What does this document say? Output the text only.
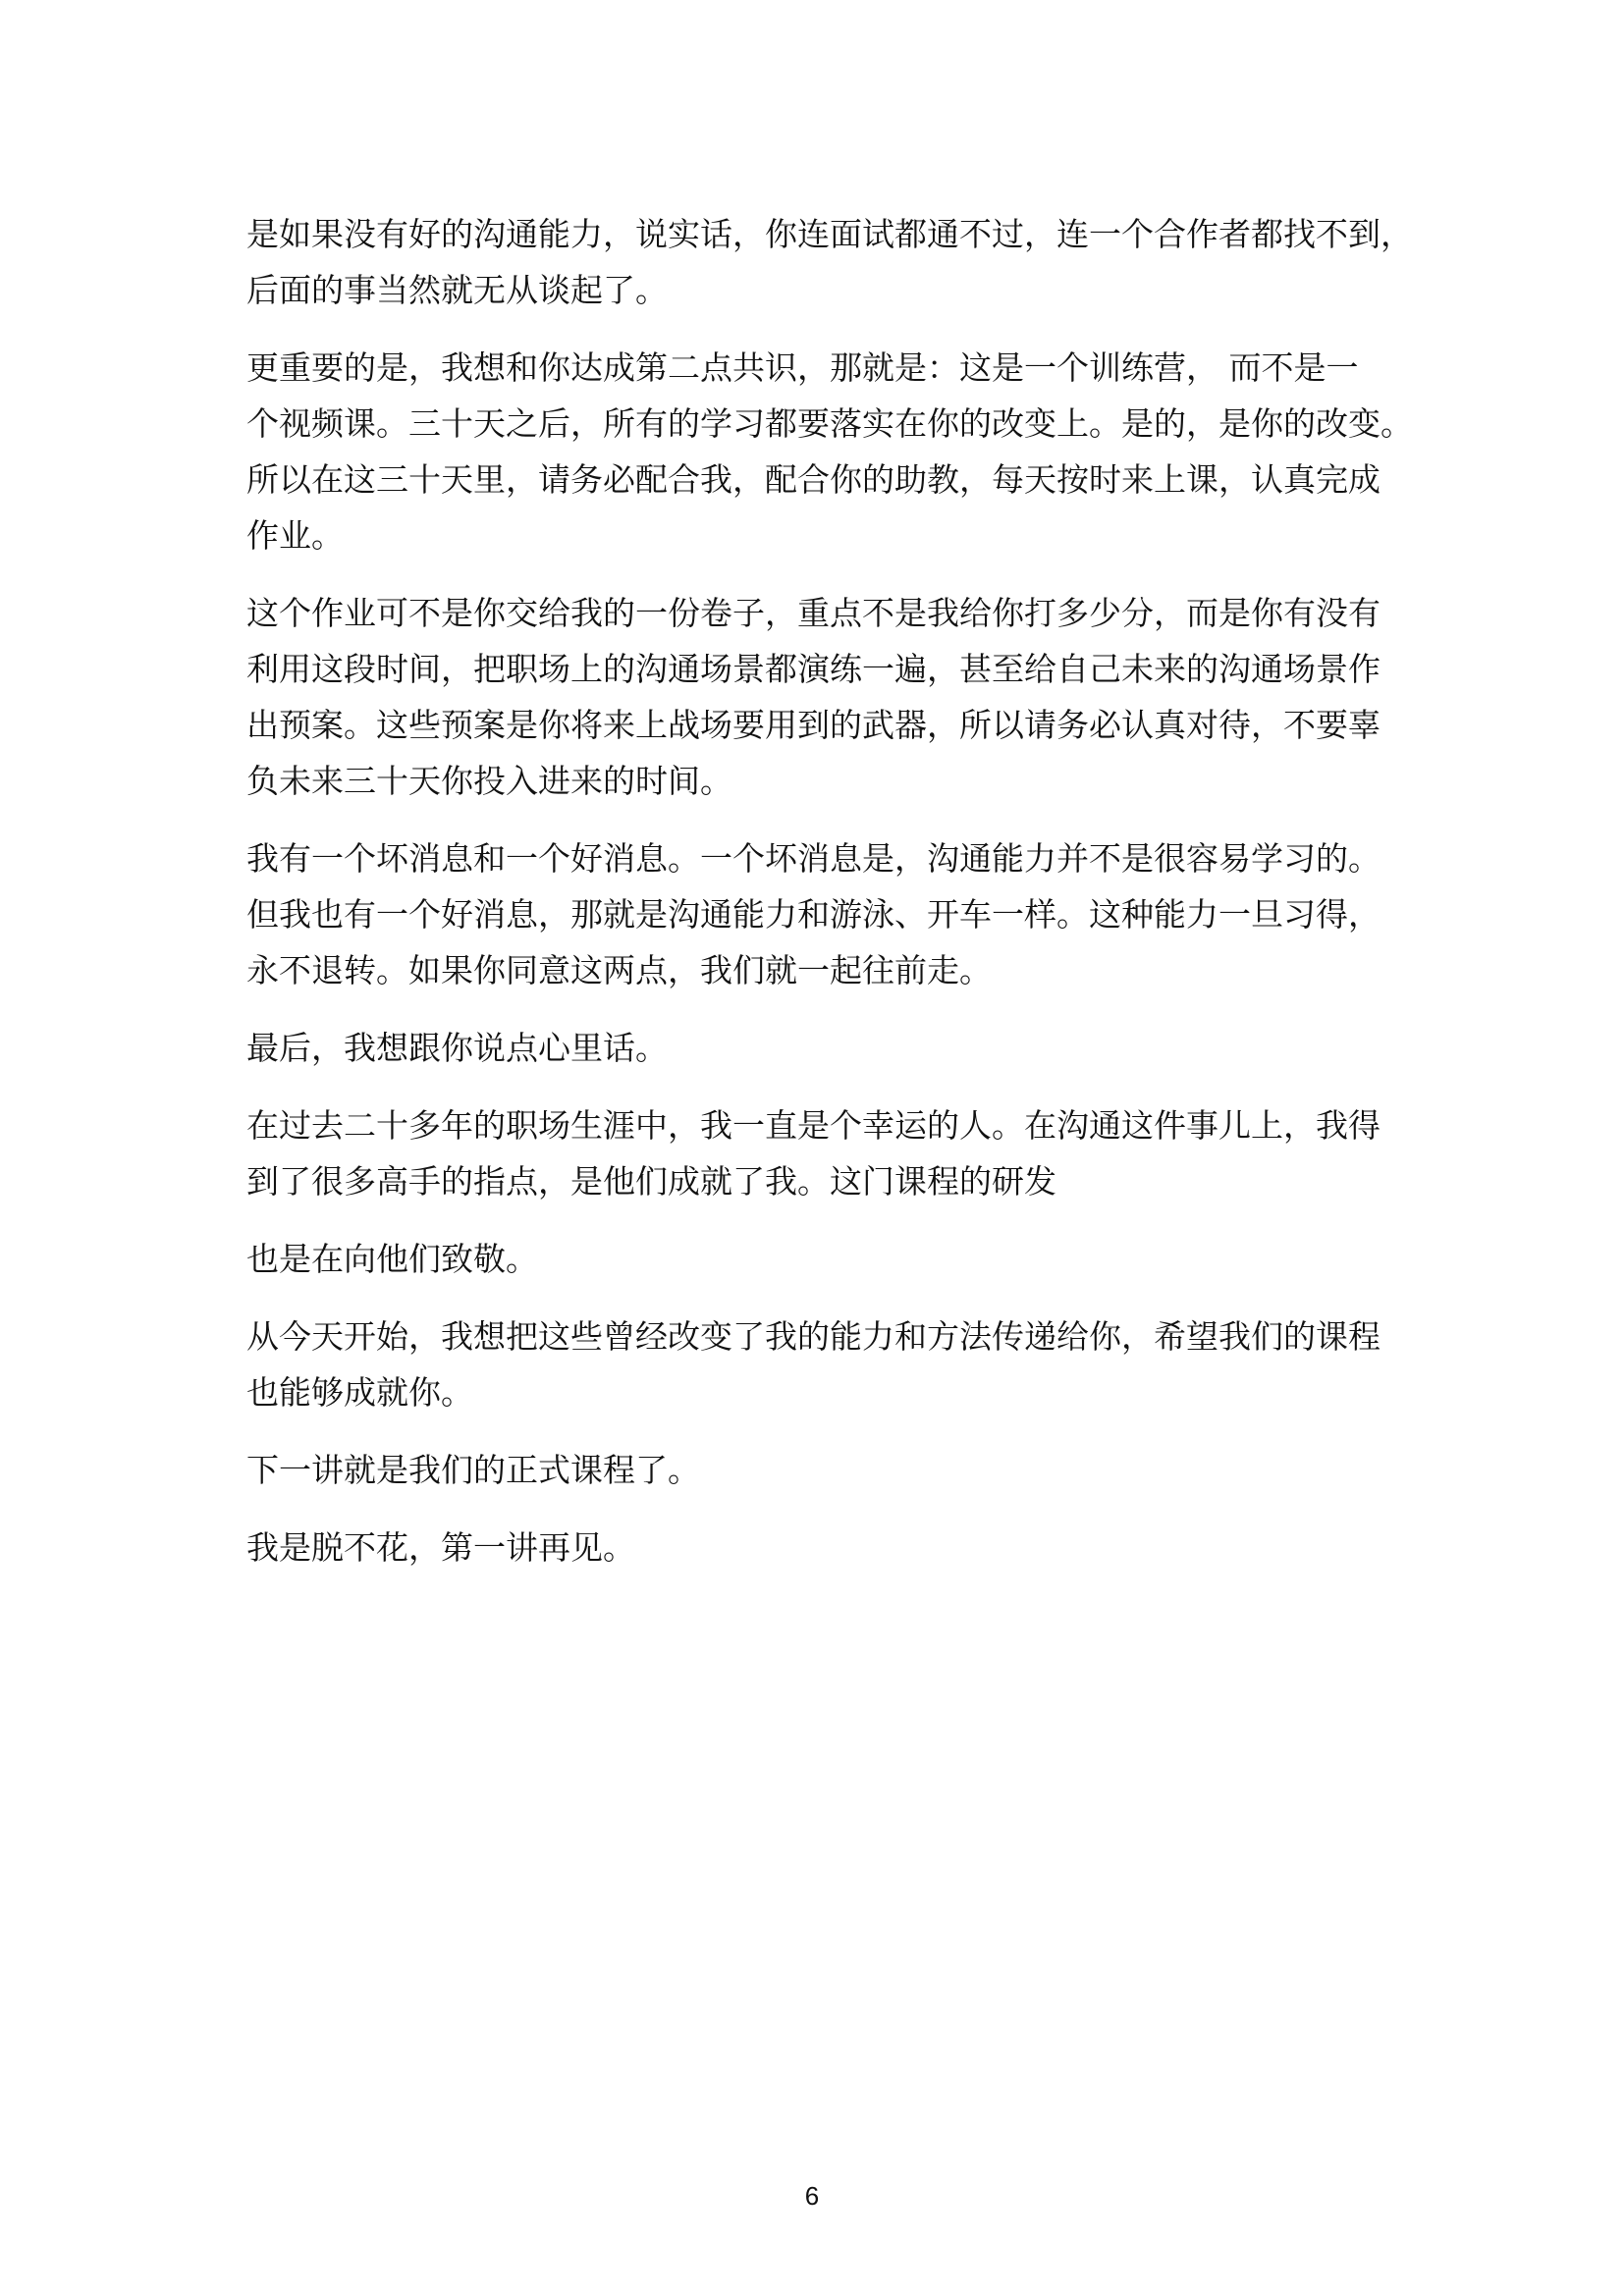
是如果没有好的沟通能力，说实话，你连面试都通不过，连一个合作者都找不到，
后面的事当然就无从谈起了。

更重要的是，我想和你达成第二点共识，那就是：这是一个训练营， 而不是一
个视频课。三十天之后，所有的学习都要落实在你的改变上。是的，是你的改变。
所以在这三十天里，请务必配合我，配合你的助教，每天按时来上课，认真完成
作业。

这个作业可不是你交给我的一份卷子，重点不是我给你打多少分，而是你有没有
利用这段时间，把职场上的沟通场景都演练一遍，甚至给自己未来的沟通场景作
出预案。这些预案是你将来上战场要用到的武器，所以请务必认真对待，不要辜
负未来三十天你投入进来的时间。

我有一个坏消息和一个好消息。一个坏消息是，沟通能力并不是很容易学习的。
但我也有一个好消息，那就是沟通能力和游泳、开车一样。这种能力一旦习得，
永不退转。如果你同意这两点，我们就一起往前走。

最后，我想跟你说点心里话。

在过去二十多年的职场生涯中，我一直是个幸运的人。在沟通这件事儿上，我得
到了很多高手的指点，是他们成就了我。这门课程的研发

也是在向他们致敬。

从今天开始，我想把这些曾经改变了我的能力和方法传递给你，希望我们的课程
也能够成就你。

下一讲就是我们的正式课程了。

我是脱不花，第一讲再见。

6
